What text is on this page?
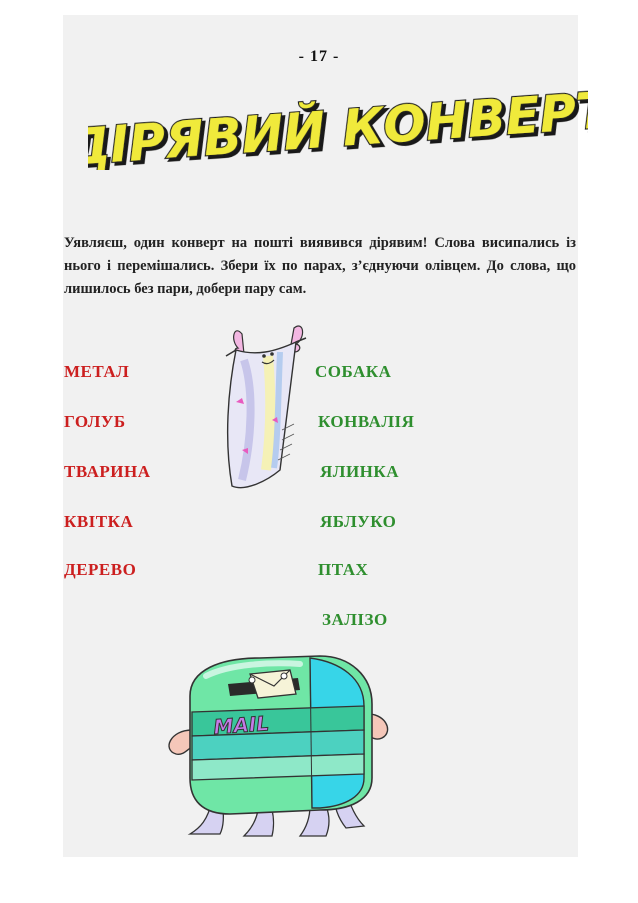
- 17 -
ДІРЯВИЙ КОНВЕРТ
Уявляєш, один конверт на пошті виявився дірявим! Слова висипались із нього і перемішались. Збери їх по парах, з’єднуючи олівцем. До слова, що лишилось без пари, добери пару сам.
МЕТАЛ
ГОЛУБ
ТВАРИНА
КВІТКА
ДЕРЕВО
СОБАКА
КОНВАЛІЯ
ЯЛИНКА
ЯБЛУКО
ПТАХ
ЗАЛІЗО
MAIL
